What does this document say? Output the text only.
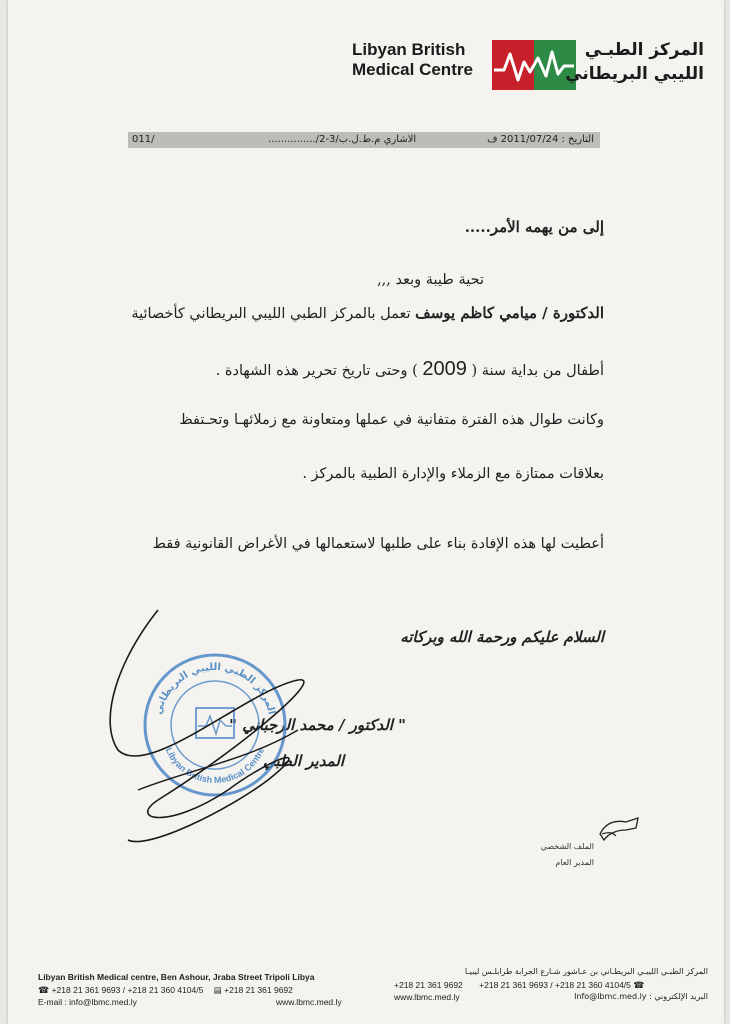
Libyan British
Medical Centre
المركز الطبـي
الليبي البريطاني
التاريخ : 2011/07/24 ف
الاشاري م.ط.ل.ب/3-2/...............
011/
إلى من يهمه الأمر.....
تحية طيبة وبعد ,,,
الدكتورة / ميامي كاظم يوسف تعمل بالمركز الطبي الليبي البريطاني كأخصائية
أطفال من بداية سنة ( 2009 ) وحتى تاريخ تحرير هذه الشهادة .
وكانت طوال هذه الفترة متفانية في عملها ومتعاونة مع زملائهـا وتحـتفظ
بعلاقات ممتازة مع الزملاء والإدارة الطبية بالمركز .
أعطيت لها هذه الإفادة بناء على طلبها لاستعمالها في الأغراض القانونية فقط
السلام عليكم ورحمة الله وبركاته
" الدكتور / محمد الرجباني "
المدير الطبي
المركز الطبي الليبي البريطاني
Libyan British Medical Centre
الملف الشخصي
المدير العام
Libyan British Medical centre, Ben Ashour, Jraba Street Tripoli Libya
☎ +218 21 361 9693 / +218 21 360 4104/5 ▤ +218 21 361 9692
E-mail : info@lbmc.med.ly	www.lbmc.med.ly
المركز الطبـي الليبـي البريطـاني بن عـاشور شـارع الجرابة طرابلـس ليبيـا
+218 21 361 9692 +218 21 361 9693 / +218 21 360 4104/5 ☎
www.lbmc.med.ly	البريد الإلكتروني : Info@lbmc.med.ly
